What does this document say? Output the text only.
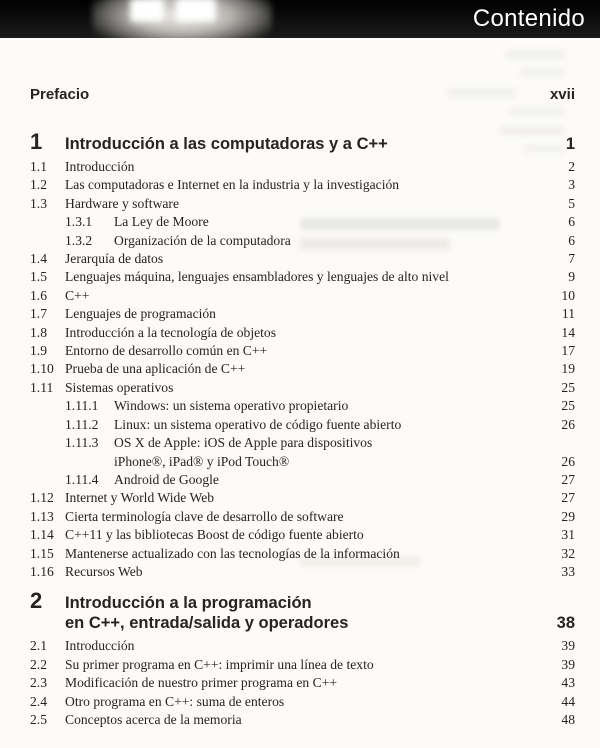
Contenido
Prefacio	xvii
1	Introducción a las computadoras y a C++	1
1.1	Introducción	2
1.2	Las computadoras e Internet en la industria y la investigación	3
1.3	Hardware y software	5
1.3.1	La Ley de Moore	6
1.3.2	Organización de la computadora	6
1.4	Jerarquía de datos	7
1.5	Lenguajes máquina, lenguajes ensambladores y lenguajes de alto nivel	9
1.6	C++	10
1.7	Lenguajes de programación	11
1.8	Introducción a la tecnología de objetos	14
1.9	Entorno de desarrollo común en C++	17
1.10 Prueba de una aplicación de C++	19
1.11 Sistemas operativos	25
1.11.1	Windows: un sistema operativo propietario	25
1.11.2	Linux: un sistema operativo de código fuente abierto	26
1.11.3	OS X de Apple: iOS de Apple para dispositivos
iPhone®, iPad® y iPod Touch®	26
1.11.4	Android de Google	27
1.12 Internet y World Wide Web	27
1.13 Cierta terminología clave de desarrollo de software	29
1.14 C++11 y las bibliotecas Boost de código fuente abierto	31
1.15 Mantenerse actualizado con las tecnologías de la información	32
1.16 Recursos Web	33
2	Introducción a la programación
en C++, entrada/salida y operadores	38
2.1	Introducción	39
2.2	Su primer programa en C++: imprimir una línea de texto	39
2.3	Modificación de nuestro primer programa en C++	43
2.4	Otro programa en C++: suma de enteros	44
2.5	Conceptos acerca de la memoria	48
